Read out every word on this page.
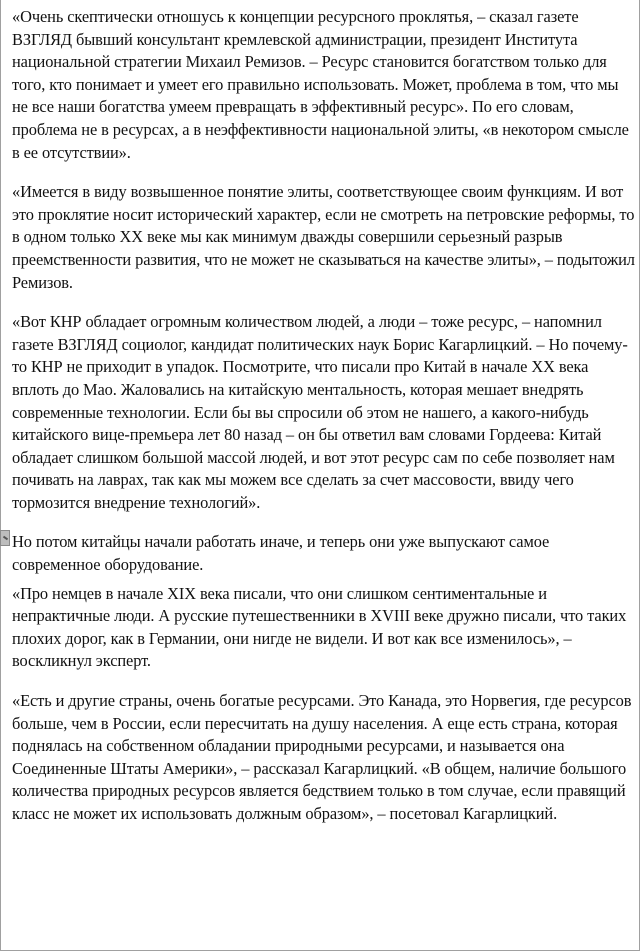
«Очень скептически отношусь к концепции ресурсного проклятья, – сказал газете ВЗГЛЯД бывший консультант кремлевской администрации, президент Института национальной стратегии Михаил Ремизов. – Ресурс становится богатством только для того, кто понимает и умеет его правильно использовать. Может, проблема в том, что мы не все наши богатства умеем превращать в эффективный ресурс». По его словам, проблема не в ресурсах, а в неэффективности национальной элиты, «в некотором смысле в ее отсутствии».

«Имеется в виду возвышенное понятие элиты, соответствующее своим функциям. И вот это проклятие носит исторический характер, если не смотреть на петровские реформы, то в одном только XX веке мы как минимум дважды совершили серьезный разрыв преемственности развития, что не может не сказываться на качестве элиты», – подытожил Ремизов.

«Вот КНР обладает огромным количеством людей, а люди – тоже ресурс, – напомнил газете ВЗГЛЯД социолог, кандидат политических наук Борис Кагарлицкий. – Но почему-то КНР не приходит в упадок. Посмотрите, что писали про Китай в начале XX века вплоть до Мао. Жаловались на китайскую ментальность, которая мешает внедрять современные технологии. Если бы вы спросили об этом не нашего, а какого-нибудь китайского вице-премьера лет 80 назад – он бы ответил вам словами Гордеева: Китай обладает слишком большой массой людей, и вот этот ресурс сам по себе позволяет нам почивать на лаврах, так как мы можем все сделать за счет массовости, ввиду чего тормозится внедрение технологий».

Но потом китайцы начали работать иначе, и теперь они уже выпускают самое современное оборудование.

«Про немцев в начале XIX века писали, что они слишком сентиментальные и непрактичные люди. А русские путешественники в XVIII веке дружно писали, что таких плохих дорог, как в Германии, они нигде не видели. И вот как все изменилось», – воскликнул эксперт.

«Есть и другие страны, очень богатые ресурсами. Это Канада, это Норвегия, где ресурсов больше, чем в России, если пересчитать на душу населения. А еще есть страна, которая поднялась на собственном обладании природными ресурсами, и называется она Соединенные Штаты Америки», – рассказал Кагарлицкий. «В общем, наличие большого количества природных ресурсов является бедствием только в том случае, если правящий класс не может их использовать должным образом», – посетовал Кагарлицкий.
